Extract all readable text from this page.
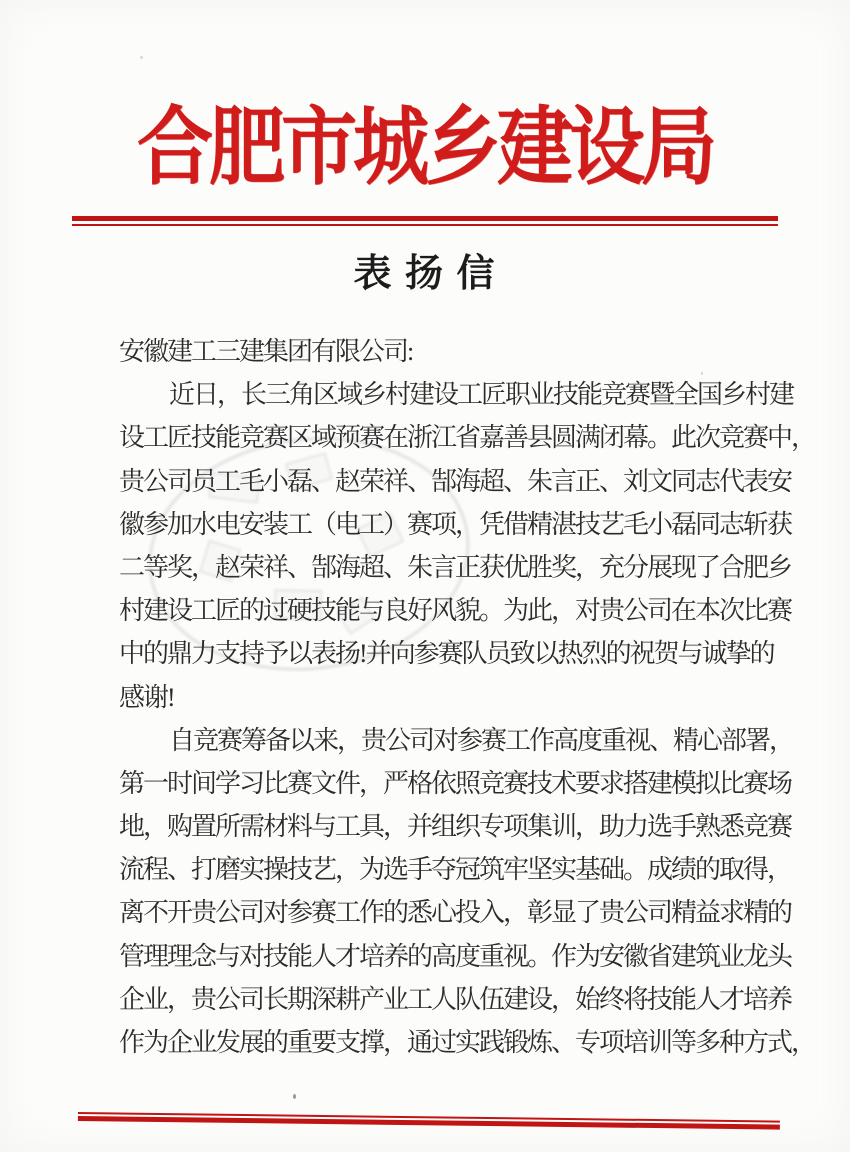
合肥市城乡建设局
表 扬 信
安徽建工三建集团有限公司:
近日，长三角区域乡村建设工匠职业技能竞赛暨全国乡村建
设工匠技能竞赛区域预赛在浙江省嘉善县圆满闭幕。此次竞赛中，
贵公司员工毛小磊、赵荣祥、郜海超、朱言正、刘文同志代表安
徽参加水电安装工（电工）赛项，凭借精湛技艺毛小磊同志斩获
二等奖，赵荣祥、郜海超、朱言正获优胜奖，充分展现了合肥乡
村建设工匠的过硬技能与良好风貌。为此，对贵公司在本次比赛
中的鼎力支持予以表扬!并向参赛队员致以热烈的祝贺与诚挚的
感谢!
自竞赛筹备以来，贵公司对参赛工作高度重视、精心部署，
第一时间学习比赛文件，严格依照竞赛技术要求搭建模拟比赛场
地，购置所需材料与工具，并组织专项集训，助力选手熟悉竞赛
流程、打磨实操技艺，为选手夺冠筑牢坚实基础。成绩的取得，
离不开贵公司对参赛工作的悉心投入，彰显了贵公司精益求精的
管理理念与对技能人才培养的高度重视。作为安徽省建筑业龙头
企业，贵公司长期深耕产业工人队伍建设，始终将技能人才培养
作为企业发展的重要支撑，通过实践锻炼、专项培训等多种方式，
